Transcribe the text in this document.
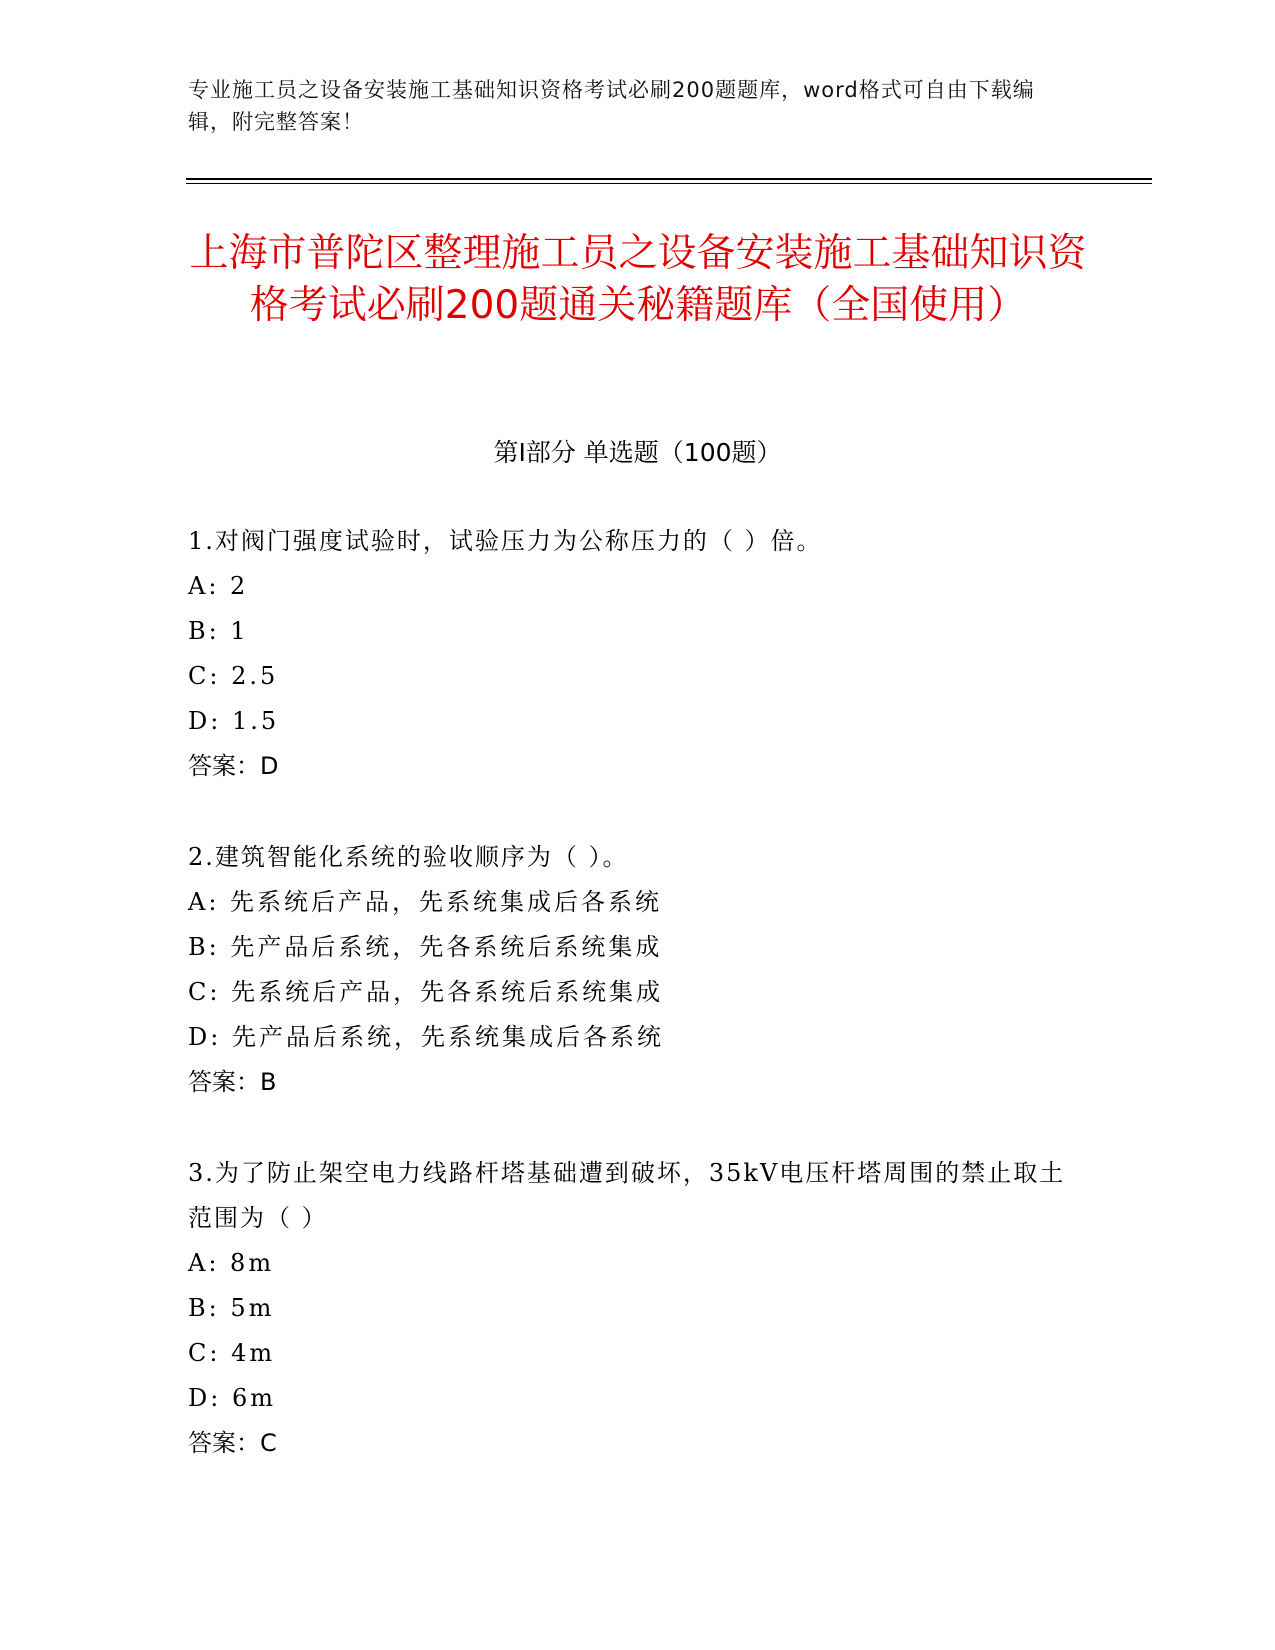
专业施工员之设备安装施工基础知识资格考试必刷200题题库，word格式可自由下载编辑，附完整答案！
上海市普陀区整理施工员之设备安装施工基础知识资格考试必刷200题通关秘籍题库（全国使用）
第I部分 单选题（100题）

1.对阀门强度试验时，试验压力为公称压力的（ ）倍。

A: 2

B: 1

C: 2.5

D: 1.5

答案：D

2.建筑智能化系统的验收顺序为（ ）。

A: 先系统后产品，先系统集成后各系统

B: 先产品后系统，先各系统后系统集成

C: 先系统后产品，先各系统后系统集成

D: 先产品后系统，先系统集成后各系统

答案：B

3.为了防止架空电力线路杆塔基础遭到破坏，35kV电压杆塔周围的禁止取土范围为（ ）

A: 8m

B: 5m

C: 4m

D: 6m

答案：C
